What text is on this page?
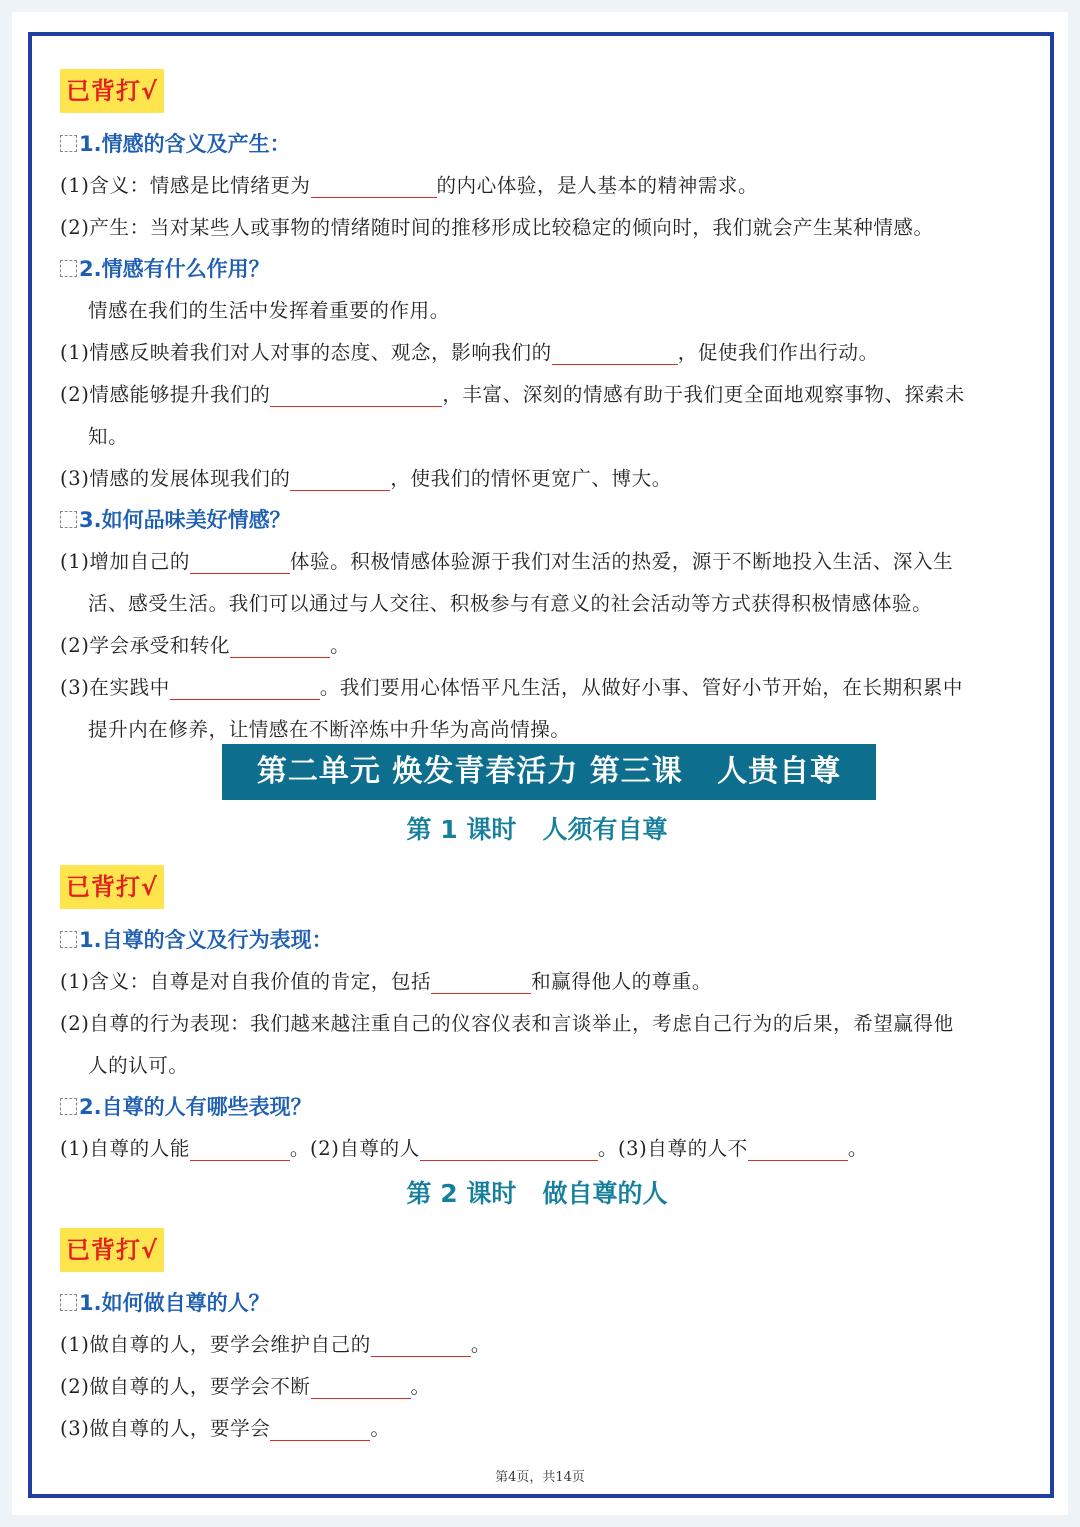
已背打√
1.情感的含义及产生：
(1)含义：情感是比情绪更为	的内心体验，是人基本的精神需求。
(2)产生：当对某些人或事物的情绪随时间的推移形成比较稳定的倾向时，我们就会产生某种情感。
2.情感有什么作用？
情感在我们的生活中发挥着重要的作用。
(1)情感反映着我们对人对事的态度、观念，影响我们的	，促使我们作出行动。
(2)情感能够提升我们的	，丰富、深刻的情感有助于我们更全面地观察事物、探索未
知。
(3)情感的发展体现我们的	，使我们的情怀更宽广、博大。
3.如何品味美好情感？
(1)增加自己的	体验。积极情感体验源于我们对生活的热爱，源于不断地投入生活、深入生
活、感受生活。我们可以通过与人交往、积极参与有意义的社会活动等方式获得积极情感体验。
(2)学会承受和转化	。
(3)在实践中	。我们要用心体悟平凡生活，从做好小事、管好小节开始，在长期积累中
提升内在修养，让情感在不断淬炼中升华为高尚情操。
第二单元 焕发青春活力 第三课   人贵自尊
第 1 课时   人须有自尊
已背打√
1.自尊的含义及行为表现：
(1)含义：自尊是对自我价值的肯定，包括	和赢得他人的尊重。
(2)自尊的行为表现：我们越来越注重自己的仪容仪表和言谈举止，考虑自己行为的后果，希望赢得他
人的认可。
2.自尊的人有哪些表现？
(1)自尊的人能	。(2)自尊的人	。(3)自尊的人不	。
第 2 课时   做自尊的人
已背打√
1.如何做自尊的人？
(1)做自尊的人，要学会维护自己的	。
(2)做自尊的人，要学会不断	。
(3)做自尊的人，要学会	。
第4页，共14页
